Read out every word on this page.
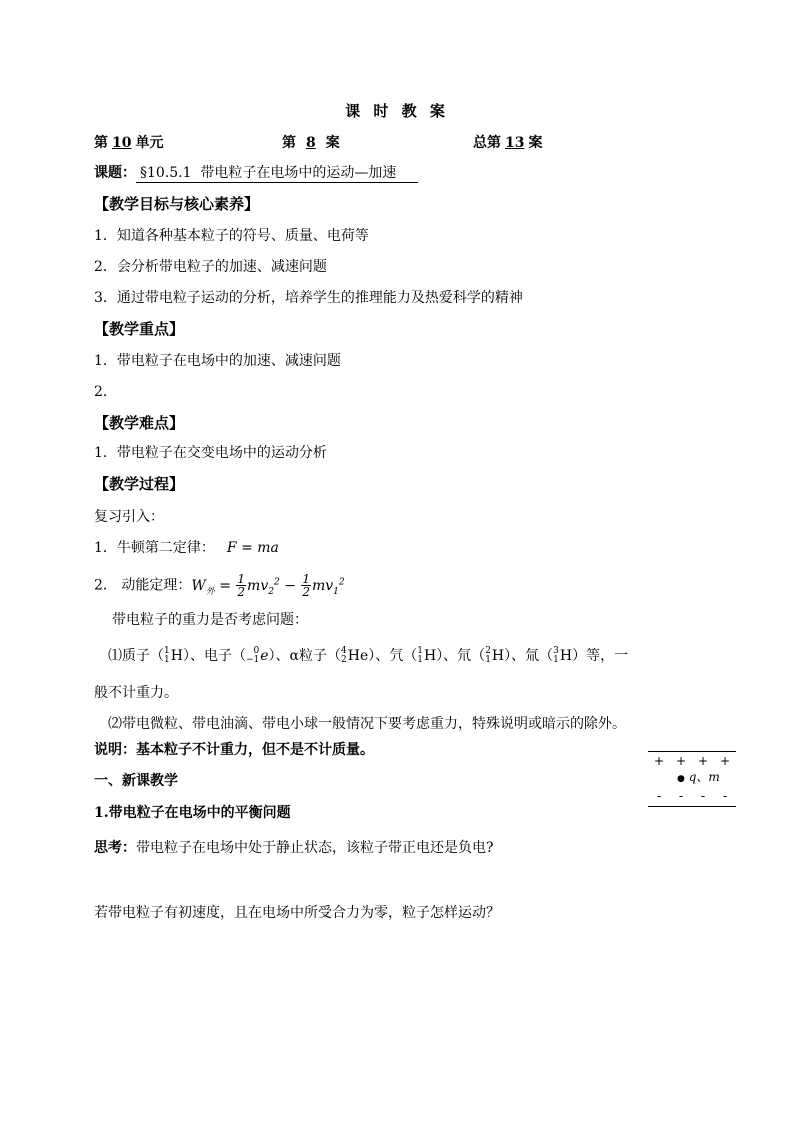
课 时 教 案
第 10 单元	第 8 案	总第 13 案
课题： §10.5.1  带电粒子在电场中的运动—加速
【教学目标与核心素养】
1．知道各种基本粒子的符号、质量、电荷等
2．会分析带电粒子的加速、减速问题
3．通过带电粒子运动的分析，培养学生的推理能力及热爱科学的精神
【教学重点】
1．带电粒子在电场中的加速、减速问题
2．
【教学难点】
1．带电粒子在交变电场中的运动分析
【教学过程】
复习引入：
1．牛顿第二定律： F = ma
2． 动能定理：$W_外 = \frac{1}{2} mv_2^2 - \frac{1}{2} mv_1^2$
带电粒子的重力是否考虑问题：
⑴质子（ 1
1 H）、电子（ 0
−1 e）、α粒子（ 4
2 He）、氕（ 1
1 H）、氘（ 2
1 H）、氚（ 3
1 H）等，一
般不计重力。
⑵带电微粒、带电油滴、带电小球一般情况下要考虑重力，特殊说明或暗示的除外。
说明：基本粒子不计重力，但不是不计质量。
一、新课教学
1.带电粒子在电场中的平衡问题
思考：带电粒子在电场中处于静止状态，该粒子带正电还是负电?
若带电粒子有初速度，且在电场中所受合力为零，粒子怎样运动？
+ + + +
● q、m
- - - -
